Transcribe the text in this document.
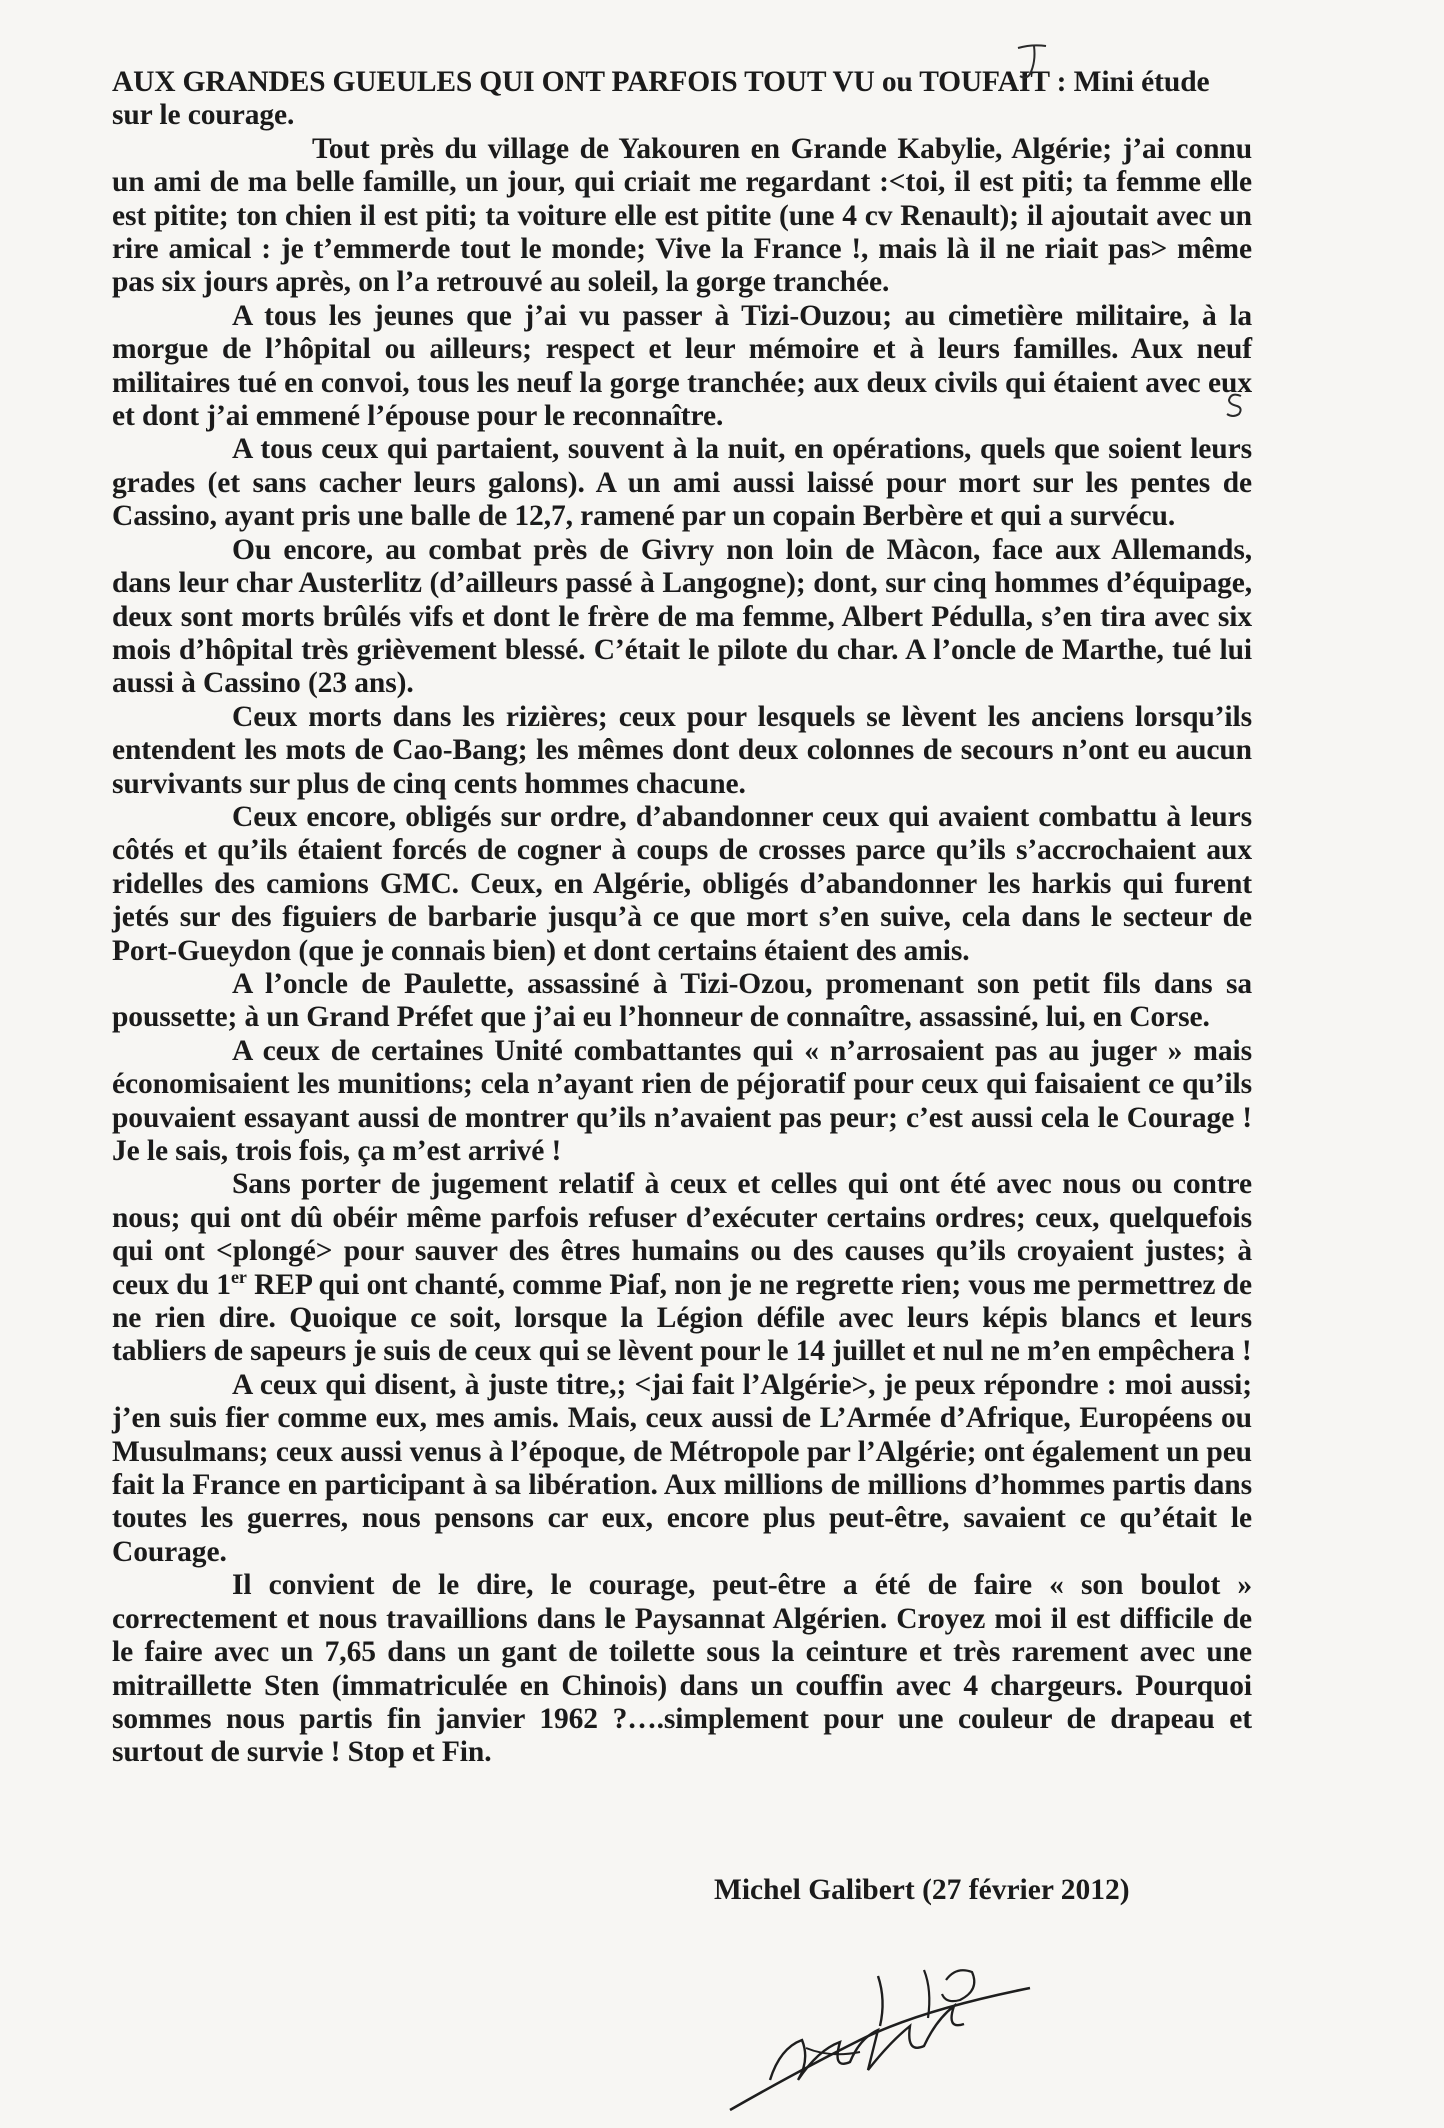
AUX GRANDES GUEULES QUI ONT PARFOIS TOUT VU ou TOUFAIT : Mini étude

sur le courage.

Tout près du village de Yakouren en Grande Kabylie, Algérie; j’ai connu un ami de ma belle famille, un jour, qui criait me regardant :<toi, il est piti; ta femme elle est pitite; ton chien il est piti; ta voiture elle est pitite (une 4 cv Renault); il ajoutait avec un rire amical : je t’emmerde tout le monde; Vive la France !, mais là il ne riait pas> même pas six jours après, on l’a retrouvé au soleil, la gorge tranchée.

A tous les jeunes que j’ai vu passer à Tizi-Ouzou; au cimetière militaire, à la morgue de l’hôpital ou ailleurs; respect et leur mémoire et à leurs familles. Aux neuf militaires tué en convoi, tous les neuf la gorge tranchée; aux deux civils qui étaient avec eux et dont j’ai emmené l’épouse pour le reconnaître.

A tous ceux qui partaient, souvent à la nuit, en opérations, quels que soient leurs grades (et sans cacher leurs galons). A un ami aussi laissé pour mort sur les pentes de Cassino, ayant pris une balle de 12,7, ramené par un copain Berbère et qui a survécu.

Ou encore, au combat près de Givry non loin de Màcon, face aux Allemands, dans leur char Austerlitz (d’ailleurs passé à Langogne); dont, sur cinq hommes d’équipage, deux sont morts brûlés vifs et dont le frère de ma femme, Albert Pédulla, s’en tira avec six mois d’hôpital très grièvement blessé. C’était le pilote du char. A l’oncle de Marthe, tué lui aussi à Cassino (23 ans).

Ceux morts dans les rizières; ceux pour lesquels se lèvent les anciens lorsqu’ils entendent les mots de Cao-Bang; les mêmes dont deux colonnes de secours n’ont eu aucun survivants sur plus de cinq cents hommes chacune.

Ceux encore, obligés sur ordre, d’abandonner ceux qui avaient combattu à leurs côtés et qu’ils étaient forcés de cogner à coups de crosses parce qu’ils s’accrochaient aux ridelles des camions GMC. Ceux, en Algérie, obligés d’abandonner les harkis qui furent jetés sur des figuiers de barbarie jusqu’à ce que mort s’en suive, cela dans le secteur de Port-Gueydon (que je connais bien) et dont certains étaient des amis.

A l’oncle de Paulette, assassiné à Tizi-Ozou, promenant son petit fils dans sa poussette; à un Grand Préfet que j’ai eu l’honneur de connaître, assassiné, lui, en Corse.

A ceux de certaines Unité combattantes qui « n’arrosaient pas au juger » mais économisaient les munitions; cela n’ayant rien de péjoratif pour ceux qui faisaient ce qu’ils pouvaient essayant aussi de montrer qu’ils n’avaient pas peur; c’est aussi cela le Courage ! Je le sais, trois fois, ça m’est arrivé !

Sans porter de jugement relatif à ceux et celles qui ont été avec nous ou contre nous; qui ont dû obéir même parfois refuser d’exécuter certains ordres; ceux, quelquefois qui ont <plongé> pour sauver des êtres humains ou des causes qu’ils croyaient justes; à ceux du 1er REP qui ont chanté, comme Piaf, non je ne regrette rien; vous me permettrez de ne rien dire. Quoique ce soit, lorsque la Légion défile avec leurs képis blancs et leurs tabliers de sapeurs je suis de ceux qui se lèvent pour le 14 juillet et nul ne m’en empêchera !

A ceux qui disent, à juste titre,; <jai fait l’Algérie>, je peux répondre : moi aussi; j’en suis fier comme eux, mes amis. Mais, ceux aussi de L’Armée d’Afrique, Européens ou Musulmans; ceux aussi venus à l’époque, de Métropole par l’Algérie; ont également un peu fait la France en participant à sa libération. Aux millions de millions d’hommes partis dans toutes les guerres, nous pensons car eux, encore plus peut-être, savaient ce qu’était le Courage.

Il convient de le dire, le courage, peut-être a été de faire « son boulot » correctement et nous travaillions dans le Paysannat Algérien. Croyez moi il est difficile de le faire avec un 7,65 dans un gant de toilette sous la ceinture et très rarement avec une mitraillette Sten (immatriculée en Chinois) dans un couffin avec 4 chargeurs. Pourquoi sommes nous partis fin janvier 1962 ?….simplement pour une couleur de drapeau et surtout de survie ! Stop et Fin.

Michel Galibert (27 février 2012)
